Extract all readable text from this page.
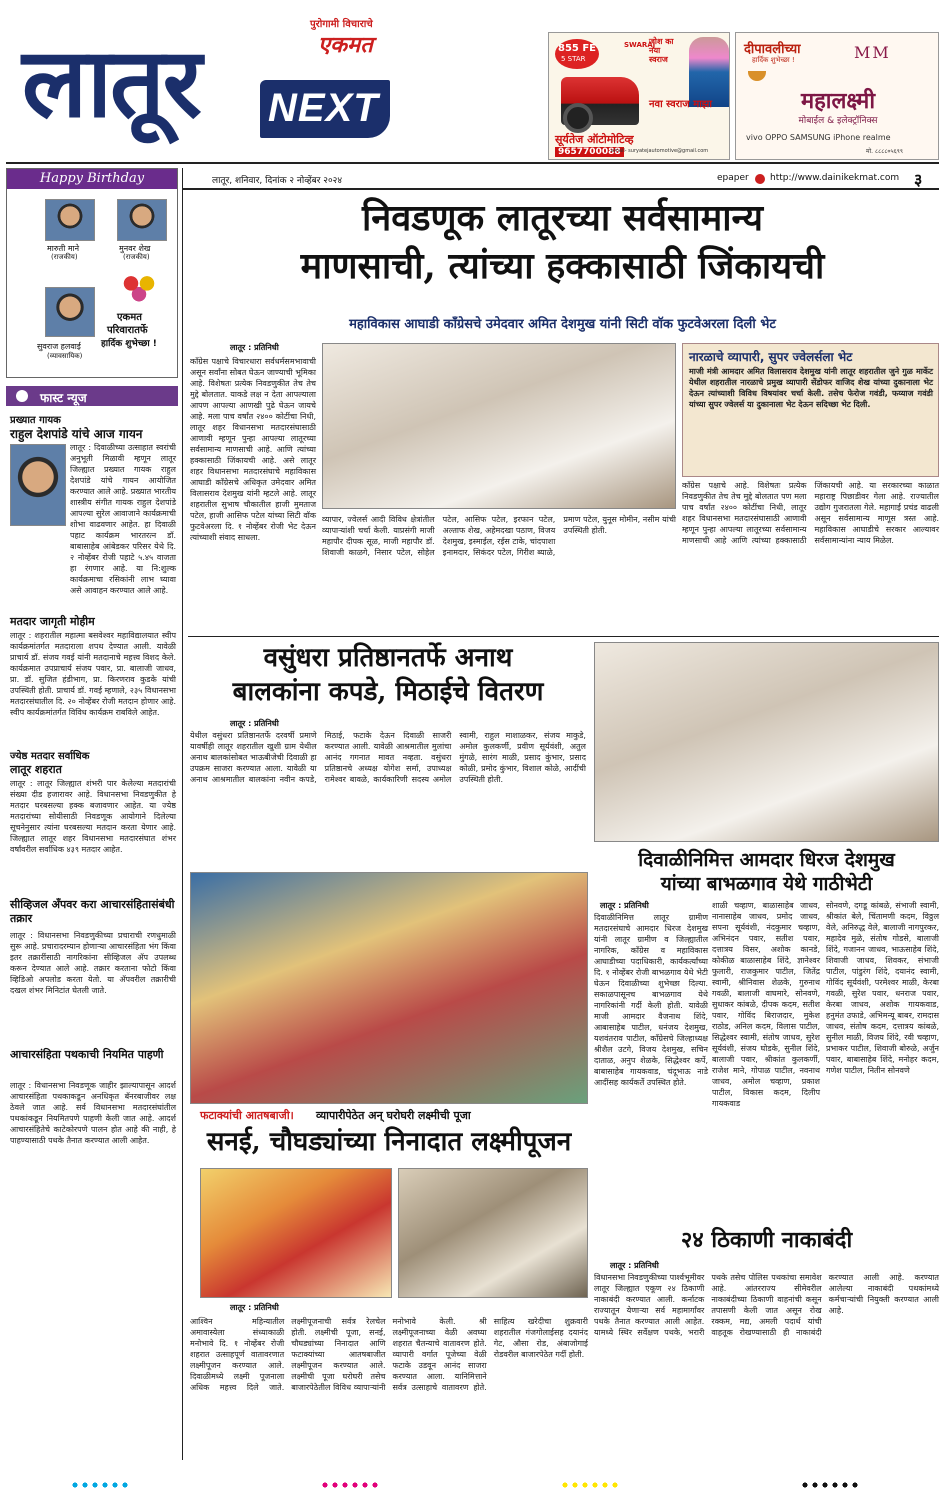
लातूर
पुरोगामी विचाराचे
एकमत
NEXT
855 FE
5 STAR
SWARAJ
जोश का नया स्वराज
नवा स्वराज माझा
सूर्यतेज ऑटोमोटिव्ह
9657700088
email- suryatejautomotive@gmail.com
दीपावलीच्या
हार्दिक शुभेच्छा !	MM
महालक्ष्मी
मोबाईल & इलेक्ट्रॉनिक्स
vivo OPPO SAMSUNG iPhone realme
मो. ८८८८०५६९९
लातूर, शनिवार, दिनांक २ नोव्हेंबर २०२४	epaper http://www.dainikekmat.com ३
Happy Birthday
मारुती माने
(राजकीय)
मुनवर शेख
(राजकीय)
सुवराज हलवाई
(व्यावसायिक)
एकमत
परिवारातर्फे
हार्दिक शुभेच्छा !
फास्ट न्यूज
प्रख्यात गायक
राहुल देशपांडे यांचे आज गायन
लातूर : दिवाळीच्या उत्साहात स्वरांची अनुभूती मिळावी म्हणून लातूर जिल्ह्यात प्रख्यात गायक राहुल देशपांडे यांचे गायन आयोजित करण्यात आले आहे. प्रख्यात भारतीय शास्त्रीय संगीत गायक राहुल देशपांडे आपल्या सुरेल आवाजाने कार्यक्रमाची शोभा वाढवणार आहेत. हा दिवाळी पहाट कार्यक्रम भारतरत्न डॉ. बाबासाहेब आंबेडकर परिसर येथे दि. २ नोव्हेंबर रोजी पहाटे ५.४५ वाजता हा रंगणार आहे. या नि:शुल्क कार्यक्रमाचा रसिकांनी लाभ घ्यावा असे आवाहन करण्यात आले आहे.
मतदार जागृती मोहीम
लातूर : शहरातील महात्मा बसवेश्वर महाविद्यालयात स्वीप कार्यक्रमांतर्गत मतदाराला शपथ देण्यात आली. यावेळी प्राचार्य डॉ. संजय गवई यांनी मतदानाचे महत्त्व विशद केले. कार्यक्रमात उपप्राचार्य संजय पवार, प्रा. बालाजी जाधव, प्रा. डॉ. सुजित हंडीभाग, प्रा. किरणराव कुडके यांची उपस्थिती होती. प्राचार्य डॉ. गवई म्हणाले, २३५ विधानसभा मतदारसंघातील दि. २० नोव्हेंबर रोजी मतदान होणार आहे. स्वीप कार्यक्रमांतर्गत विविध कार्यक्रम राबविले आहेत.
ज्येष्ठ मतदार सर्वाधिक
लातूर शहरात
लातूर : लातूर जिल्ह्यात शंभरी पार केलेल्या मतदारांची संख्या दीड हजारावर आहे. विधानसभा निवडणुकीत हे मतदार घरबसल्या हक्क बजावणार आहेत. या ज्येष्ठ मतदारांच्या सोयीसाठी निवडणूक आयोगाने दिलेल्या सूचनेनुसार त्यांना घरबसल्या मतदान करता येणार आहे. जिल्ह्यात लातूर शहर विधानसभा मतदारसंघात शंभर वर्षांवरील सर्वाधिक ४३९ मतदार आहेत.
सीव्हिजल अँपवर करा आचारसंहितासंबंधी तक्रार
लातूर : विधानसभा निवडणुकीच्या प्रचाराची रणधुमाळी सुरू आहे. प्रचारादरम्यान होणाऱ्या आचारसंहिता भंग किंवा इतर तक्रारींसाठी नागरिकांना सीव्हिजल ॲप उपलब्ध करून देण्यात आले आहे. तक्रार करताना फोटो किंवा व्हिडिओ अपलोड करता येतो. या ॲपवरील तक्रारीची दखल शंभर मिनिटांत घेतली जाते.
आचारसंहिता पथकाची नियमित पाहणी
लातूर : विधानसभा निवडणूक जाहीर झाल्यापासून आदर्श आचारसंहिता पथकाकडून अनधिकृत बॅनरबाजीवर लक्ष ठेवले जात आहे. सर्व विधानसभा मतदारसंघांतील पथकांकडून नियमितपणे पाहणी केली जात आहे. आदर्श आचारसंहितेचे काटेकोरपणे पालन होत आहे की नाही, हे पाहण्यासाठी पथके तैनात करण्यात आली आहेत.
निवडणूक लातूरच्या सर्वसामान्य
माणसाची, त्यांच्या हक्कासाठी जिंकायची
महाविकास आघाडी काँग्रेसचे उमेदवार अमित देशमुख यांनी सिटी वॉक फुटवेअरला दिली भेट
लातूर : प्रतिनिधी
काँग्रेस पक्षाचे विचारधारा सर्वधर्मसमभावाची असून सर्वांना सोबत घेऊन जाण्याची भूमिका आहे. विशेषतः प्रत्येक निवडणुकीत तेच तेच मुद्दे बोलतात. याकडे लक्ष न देता आपल्याला आपण आपल्या आणखी पुढे घेऊन जायचे आहे. मला पाच वर्षांत २४०० कोटींचा निधी, लातूर शहर विधानसभा मतदारसंघासाठी आणावी म्हणून पुन्हा आपल्या लातूरच्या सर्वसामान्य माणसाची आहे. आणि त्यांच्या हक्कासाठी जिंकायची आहे. असे लातूर शहर विधानसभा मतदारसंघाचे महाविकास आघाडी काँग्रेसचे अधिकृत उमेदवार अमित विलासराव देशमुख यांनी म्हटले आहे. लातूर शहरातील सुभाष चौकातील हाजी मुमताज पटेल, हाजी आसिफ पटेल यांच्या सिटी वॉक फुटवेअरला दि. १ नोव्हेंबर रोजी भेट देऊन त्यांच्याशी संवाद साधला.
व्यापार, ज्वेलर्स आदी विविध क्षेत्रांतील व्यापाऱ्यांशी चर्चा केली. याप्रसंगी माजी महापौर दीपक सूळ, माजी महापौर डॉ. शिवाजी काळगे, निसार पटेल, सोहेल पटेल, आसिफ पटेल, इरफान पटेल, अल्ताफ शेख, अहेमदखा पठाण, विजय देशमुख, इस्माईल, रईस टाके, चांदपाशा इनामदार, सिकंदर पटेल, गिरीश ब्याळे, प्रमाण पटेल, युनूस मोमीन, नसीम यांची उपस्थिती होती.
नारळाचे व्यापारी, सुपर ज्वेलर्सला भेट
माजी मंत्री आमदार अमित विलासराव देशमुख यांनी लातूर शहरातील जुने गुळ मार्केट येथील शहरातील नारळाचे प्रमुख व्यापारी सेंडोफर वाजिद शेख यांच्या दुकानाला भेट देऊन त्यांच्याशी विविध विषयांवर चर्चा केली. तसेच फेरोज गवंडी, फय्याज गवंडी यांच्या सुपर ज्वेलर्स या दुकानाला भेट देऊन सदिच्छा भेट दिली.
काँग्रेस पक्षाचे आहे. विशेषतः प्रत्येक निवडणुकीत तेच तेच मुद्दे बोलतात पण मला पाच वर्षांत २४०० कोटींचा निधी, लातूर शहर विधानसभा मतदारसंघासाठी आणावी म्हणून पुन्हा आपल्या लातूरच्या सर्वसामान्य माणसाची आहे आणि त्यांच्या हक्कासाठी जिंकायची आहे. या सरकारच्या काळात महाराष्ट्र पिछाडीवर गेला आहे. राज्यातील उद्योग गुजरातला गेले. महागाई प्रचंड वाढली असून सर्वसामान्य माणूस त्रस्त आहे. महाविकास आघाडीचे सरकार आल्यावर सर्वसामान्यांना न्याय मिळेल.
वसुंधरा प्रतिष्ठानतर्फे अनाथ
बालकांना कपडे, मिठाईचे वितरण
लातूर : प्रतिनिधी
येथील वसुंधरा प्रतिष्ठानतर्फे दरवर्षी प्रमाणे यावर्षीही लातूर शहरातील खुशी ग्राम येथील अनाथ बालकांसोबत भाऊबीजेची दिवाळी हा उपक्रम साजरा करण्यात आला. यावेळी या अनाथ आश्रमातील बालकांना नवीन कपडे, मिठाई, फटाके देऊन दिवाळी साजरी करण्यात आली. यावेळी आश्रमातील मुलांचा आनंद गगनात मावत नव्हता. वसुंधरा प्रतिष्ठानचे अध्यक्ष योगेश सर्मा, उपाध्यक्ष रामेश्वर बावळे, कार्यकारिणी सदस्य अमोल स्वामी, राहुल माशाळकर, संजय माकुडे, अमोल कुलकर्णी, प्रवीण सूर्यवंशी, अतुल मुंगळे, सारंग माळी, प्रसाद कुंभार, प्रसाद कोळी, प्रमोद कुंभार, विशाल कोळे, आदींची उपस्थिती होती.
दिवाळीनिमित्त आमदार धिरज देशमुख
यांच्या बाभळगाव येथे गाठीभेटी
लातूर : प्रतिनिधी
दिवाळीनिमित्त लातूर ग्रामीण मतदारसंघाचे आमदार धिरज देशमुख यांनी लातूर ग्रामीण व जिल्ह्यातील नागरिक, काँग्रेस व महाविकास आघाडीच्या पदाधिकारी, कार्यकर्त्यांच्या दि. १ नोव्हेंबर रोजी बाभळगाव येथे भेटी घेऊन दिवाळीच्या शुभेच्छा दिल्या. सकाळपासूनच बाभळगाव येथे नागरिकांनी गर्दी केली होती. यावेळी माजी आमदार वैजनाथ शिंदे, आबासाहेब पाटील, धनंजय देशमुख, यशवंतराव पाटील, काँग्रेसचे जिल्हाध्यक्ष श्रीशैल उटगे, विजय देशमुख, सचिन दाताळ, अनुप शेळके, सिद्धेश्वर कर्पे, बाबासाहेब गायकवाड, चंदूभाऊ नाडे आदींसह कार्यकर्ते उपस्थित होते.
शाळी चव्हाण, बाळासाहेब जाधव, नानासाहेब जाधव, प्रमोद जाधव, सपना सूर्यवंशी, नंदकुमार चव्हाण, अभिनंदन पवार, सतीश पवार, दत्तात्रय विसर, अशोक कानडे, कोकीळ बाळासाहेब शिंदे, ज्ञानेश्वर फुलारी, राजकुमार पाटील, जितेंद्र स्वामी, श्रीनिवास शेळके, गुरुनाथ गवळी, बालाजी वाघमारे, सोनवणे, सुधाकर कांबळे, दीपक कदम, सतीश पवार, गोविंद बिराजदार, मुकेश राठोड, अनिल कदम, विलास पाटील, सिद्धेश्वर स्वामी, संतोष जाधव, सुरेश सूर्यवंशी, संजय घोडके, सुनील शिंदे, बालाजी पवार, श्रीकांत कुलकर्णी, राजेश माने, गोपाळ पाटील, नवनाथ जाधव, अमोल चव्हाण, प्रकाश पाटील, विकास कदम, दिलीप गायकवाड
सोनवणे, दगडू कांबळे, संभाजी स्वामी, श्रीकांत बेले, चिंतामणी कदम, विठ्ठल वेले, अनिरुद्ध वेले, बालाजी नागपुरकर, महादेव मुळे, संतोष गोडसे, बालाजी शिंदे, गजानन जाधव, भाऊसाहेब शिंदे, शिवाजी जाधव, शिवकर, संभाजी पाटील, पांडुरंग शिंदे, दयानंद स्वामी, गोविंद सूर्यवंशी, परमेश्वर माळी, केरबा गवळी, सुरेश पवार, धनराज पवार, केरबा जाधव, अशोक गायकवाड, हनुमंत उफाडे, अभिमन्यू बाबर, रामदास जाधव, संतोष कदम, दत्तात्रय कांबळे, सुनील माळी, विजय शिंदे, रवी चव्हाण, प्रभाकर पाटील, शिवाजी बोरुळे, अर्जुन पवार, बाबासाहेब शिंदे, मनोहर कदम, गणेश पाटील, नितीन सोनवणे
फटाक्यांची आतषबाजी। व्यापारीपेठेत अन् घरोघरी लक्ष्मीची पूजा
सनई, चौघड्यांच्या निनादात लक्ष्मीपूजन
लातूर : प्रतिनिधी
आश्विन महिन्यातील अमावास्येला संध्याकाळी मनोभावे दि. १ नोव्हेंबर रोजी शहरात उत्साहपूर्ण वातावरणात लक्ष्मीपूजन करण्यात आले. दिवाळीमध्ये लक्ष्मी पूजनाला अधिक महत्त्व दिले जाते. लक्ष्मीपूजनाची सर्वत्र रेलचेल होती. लक्ष्मीची पूजा, सनई, चौघड्यांच्या निनादात आणि फटाक्यांच्या आतषबाजीत लक्ष्मीपूजन करण्यात आले. लक्ष्मीची पूजा घरोघरी तसेच बाजारपेठेतील विविध व्यापाऱ्यांनी मनोभावे केली. श्री लक्ष्मीपूजनाच्या वेळी अवघ्या शहरात चैतन्याचे वातावरण होते. व्यापारी वर्गात पूजेच्या वेळी फटाके उडवून आनंद साजरा करण्यात आला. यानिमित्ताने सर्वत्र उत्साहाचे वातावरण होते. साहित्य खरेदीचा शुक्रवारी शहरातील गंजगोलाईसह दयानंद गेट, औसा रोड, अंबाजोगाई रोडवरील बाजारपेठेत गर्दी होती.
२४ ठिकाणी नाकाबंदी
लातूर : प्रतिनिधी
विधानसभा निवडणुकीच्या पार्श्वभूमीवर लातूर जिल्ह्यात एकूण २४ ठिकाणी नाकाबंदी करण्यात आली. कर्नाटक राज्यातून येणाऱ्या सर्व महामार्गांवर पथके तैनात करण्यात आली आहेत. यामध्ये स्थिर सर्वेक्षण पथके, भरारी पथके तसेच पोलिस पथकांचा समावेश आहे. आंतरराज्य सीमेवरील नाकाबंदीच्या ठिकाणी वाहनांची कसून तपासणी केली जात असून रोख रक्कम, मद्य, अमली पदार्थ यांची वाहतूक रोखण्यासाठी ही नाकाबंदी करण्यात आली आहे. करण्यात आलेल्या नाकाबंदी पथकांमध्ये कर्मचाऱ्यांची नियुक्ती करण्यात आली आहे.
